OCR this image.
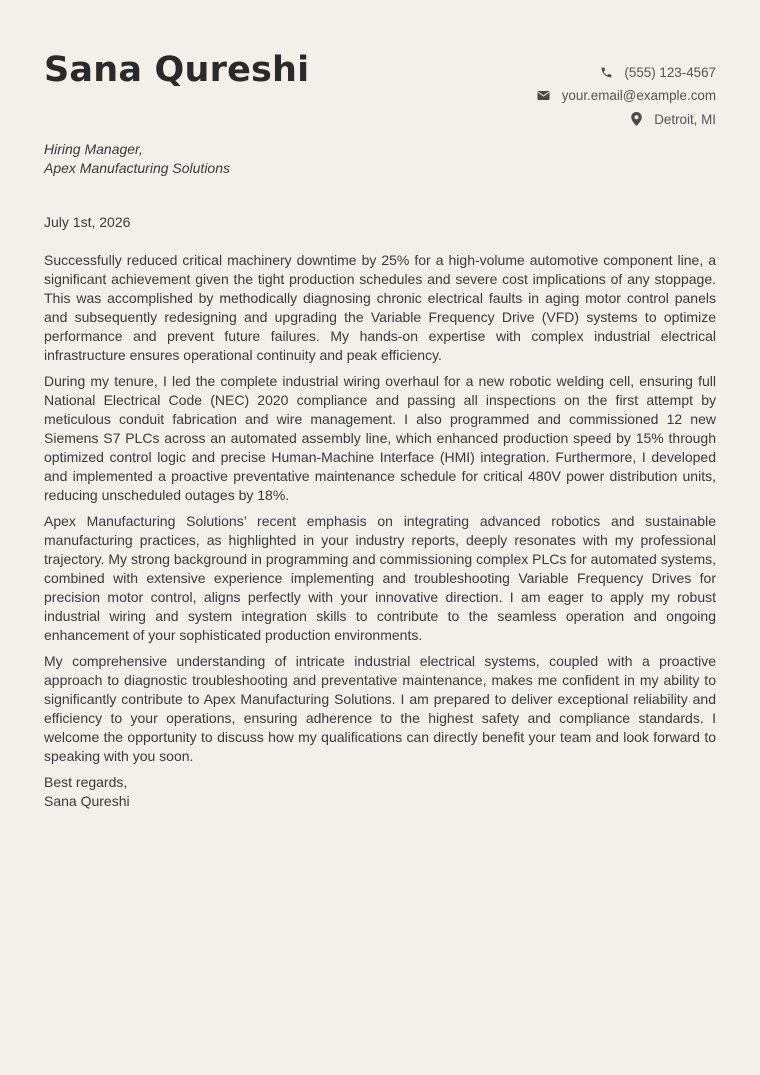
Sana Qureshi	(555) 123-4567
your.email@example.com
Detroit, MI
Hiring Manager,
Apex Manufacturing Solutions
July 1st, 2026

Successfully reduced critical machinery downtime by 25% for a high-volume automotive component line, a significant achievement given the tight production schedules and severe cost implications of any stoppage. This was accomplished by methodically diagnosing chronic electrical faults in aging motor control panels and subsequently redesigning and upgrading the Variable Frequency Drive (VFD) systems to optimize performance and prevent future failures. My hands-on expertise with complex industrial electrical infrastructure ensures operational continuity and peak efficiency.

During my tenure, I led the complete industrial wiring overhaul for a new robotic welding cell, ensuring full National Electrical Code (NEC) 2020 compliance and passing all inspections on the first attempt by meticulous conduit fabrication and wire management. I also programmed and commissioned 12 new Siemens S7 PLCs across an automated assembly line, which enhanced production speed by 15% through optimized control logic and precise Human-Machine Interface (HMI) integration. Furthermore, I developed and implemented a proactive preventative maintenance schedule for critical 480V power distribution units, reducing unscheduled outages by 18%.

Apex Manufacturing Solutions’ recent emphasis on integrating advanced robotics and sustainable manufacturing practices, as highlighted in your industry reports, deeply resonates with my professional trajectory. My strong background in programming and commissioning complex PLCs for automated systems, combined with extensive experience implementing and troubleshooting Variable Frequency Drives for precision motor control, aligns perfectly with your innovative direction. I am eager to apply my robust industrial wiring and system integration skills to contribute to the seamless operation and ongoing enhancement of your sophisticated production environments.

My comprehensive understanding of intricate industrial electrical systems, coupled with a proactive approach to diagnostic troubleshooting and preventative maintenance, makes me confident in my ability to significantly contribute to Apex Manufacturing Solutions. I am prepared to deliver exceptional reliability and efficiency to your operations, ensuring adherence to the highest safety and compliance standards. I welcome the opportunity to discuss how my qualifications can directly benefit your team and look forward to speaking with you soon.

Best regards,
Sana Qureshi
